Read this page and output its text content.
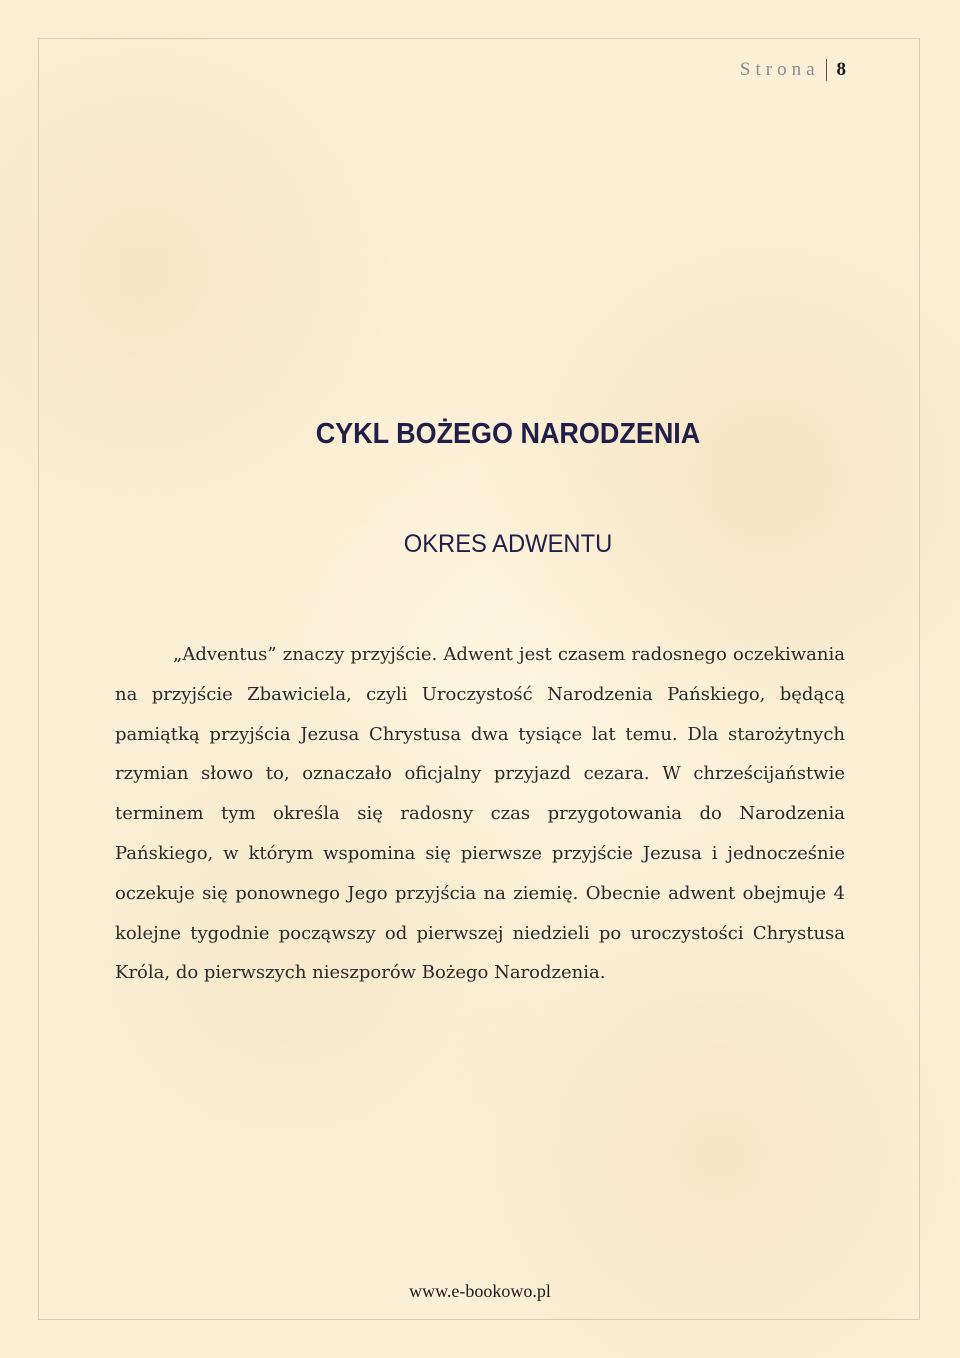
Strona 8
CYKL BOŻEGO NARODZENIA
OKRES ADWENTU

„Adventus” znaczy przyjście. Adwent jest czasem radosnego oczekiwania na przyjście Zbawiciela, czyli Uroczystość Narodzenia Pańskiego, będącą pamiątką przyjścia Jezusa Chrystusa dwa tysiące lat temu. Dla starożytnych rzymian słowo to, oznaczało oficjalny przyjazd cezara. W chrześcijaństwie terminem tym określa się radosny czas przygotowania do Narodzenia Pańskiego, w którym wspomina się pierwsze przyjście Jezusa i jednocześnie oczekuje się ponownego Jego przyjścia na ziemię. Obecnie adwent obejmuje 4 kolejne tygodnie począwszy od pierwszej niedzieli po uroczystości Chrystusa Króla, do pierwszych nieszporów Bożego Narodzenia.

www.e-bookowo.pl
